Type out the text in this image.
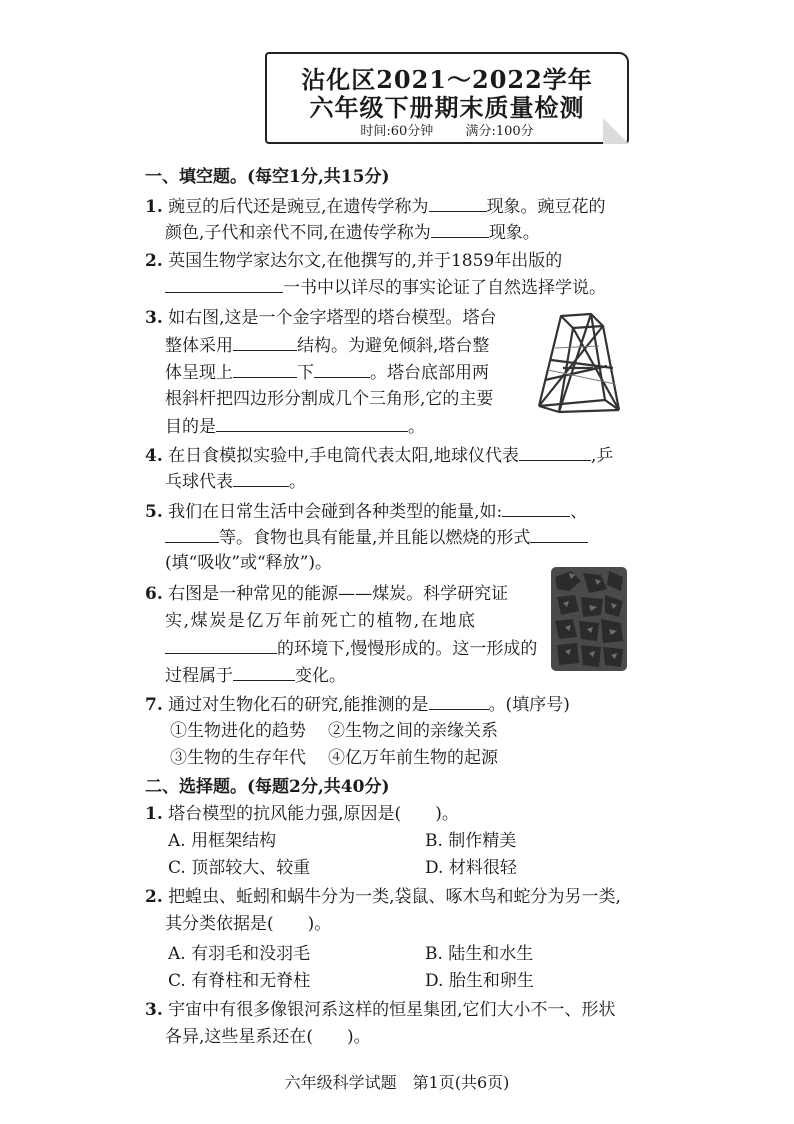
沾化区2021～2022学年
六年级下册期末质量检测
时间:60分钟 满分:100分
一、填空题。(每空1分,共15分)
1. 豌豆的后代还是豌豆,在遗传学称为	现象。豌豆花的
颜色,子代和亲代不同,在遗传学称为	现象。
2. 英国生物学家达尔文,在他撰写的,并于1859年出版的
一书中以详尽的事实论证了自然选择学说。
3. 如右图,这是一个金字塔型的塔台模型。塔台
整体采用	结构。为避免倾斜,塔台整
体呈现上	下	。塔台底部用两
根斜杆把四边形分割成几个三角形,它的主要
目的是	。
4. 在日食模拟实验中,手电筒代表太阳,地球仪代表	,乒
乓球代表	。
5. 我们在日常生活中会碰到各种类型的能量,如:	、
等。食物也具有能量,并且能以燃烧的形式
(填“吸收”或“释放”)。
6. 右图是一种常见的能源——煤炭。科学研究证
实,煤炭是亿万年前死亡的植物,在地底
的环境下,慢慢形成的。这一形成的
过程属于	变化。
7. 通过对生物化石的研究,能推测的是	。(填序号)
①生物进化的趋势 ②生物之间的亲缘关系
③生物的生存年代 ④亿万年前生物的起源
二、选择题。(每题2分,共40分)
1. 塔台模型的抗风能力强,原因是(　　)。
A. 用框架结构	B. 制作精美
C. 顶部较大、较重	D. 材料很轻
2. 把蝗虫、蚯蚓和蜗牛分为一类,袋鼠、啄木鸟和蛇分为另一类,
其分类依据是(　　)。
A. 有羽毛和没羽毛	B. 陆生和水生
C. 有脊柱和无脊柱	D. 胎生和卵生
3. 宇宙中有很多像银河系这样的恒星集团,它们大小不一、形状
各异,这些星系还在(　　)。
六年级科学试题　第1页(共6页)
